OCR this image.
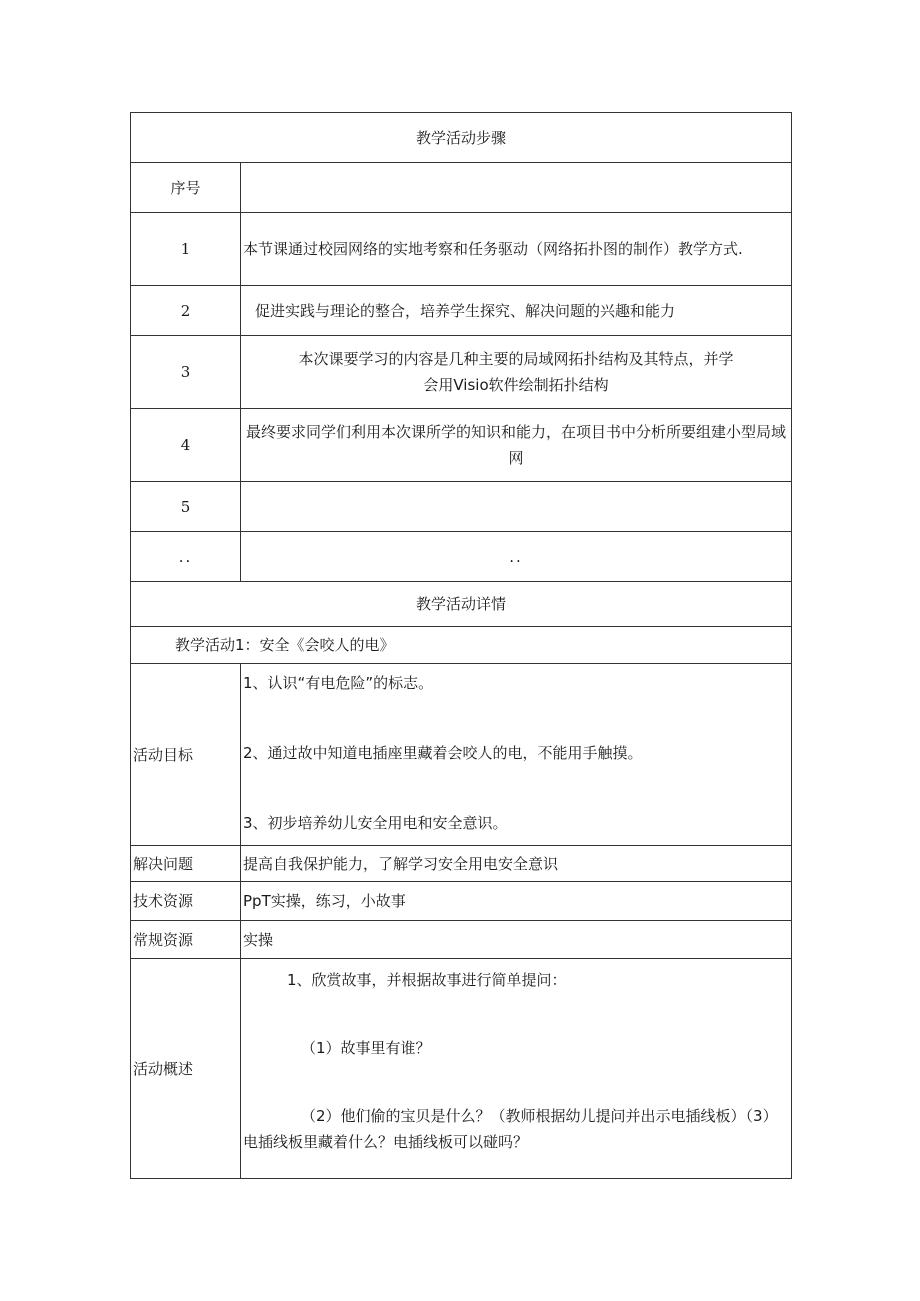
教学活动步骤	
序号	
1	本节课通过校园网络的实地考察和任务驱动（网络拓扑图的制作）教学方式.
2	促进实践与理论的整合，培养学生探究、解决问题的兴趣和能力
3	本次课要学习的内容是几种主要的局域网拓扑结构及其特点，并学会用Visio软件绘制拓扑结构
4	最终要求同学们利用本次课所学的知识和能力，在项目书中分析所要组建小型局域网
5	
..	..
教学活动详情	
教学活动1：安全《会咬人的电》	
活动目标	1、认识“有电危险”的标志。
2、通过故中知道电插座里藏着会咬人的电，不能用手触摸。
3、初步培养幼儿安全用电和安全意识。

解决问题	提高自我保护能力，了解学习安全用电安全意识
技术资源	PpT实操，练习，小故事
常规资源	实操
活动概述	1、欣赏故事，并根据故事进行简单提问：
（1）故事里有谁？
（2）他们偷的宝贝是什么？（教师根据幼儿提问并出示电插线板）（3）电插线板里藏着什么？电插线板可以碰吗？
